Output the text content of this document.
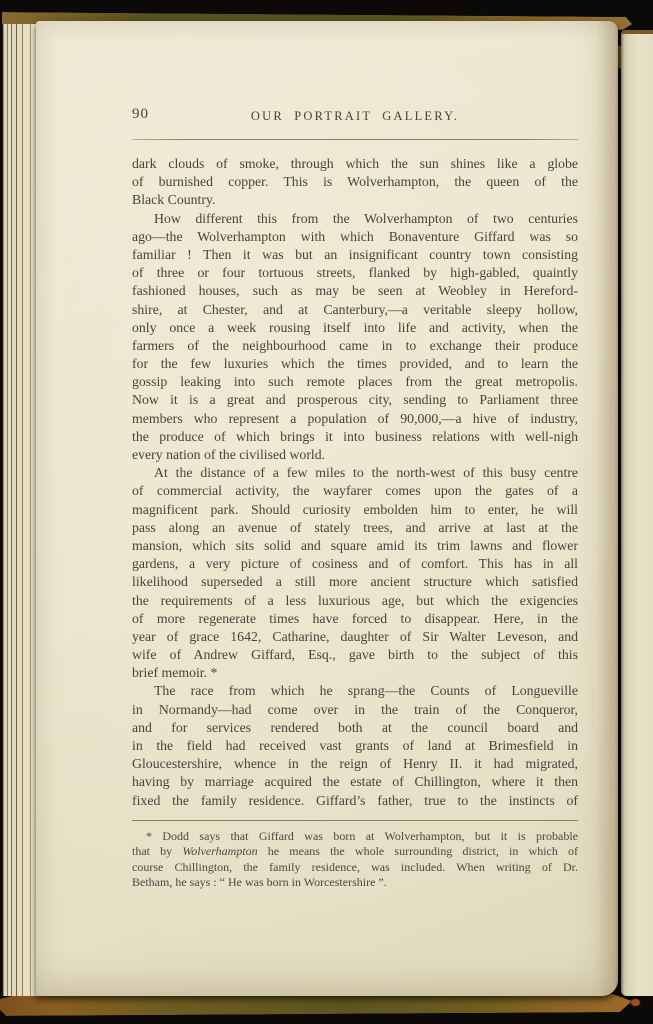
90	OUR PORTRAIT GALLERY.
dark clouds of smoke, through which the sun shines like a globe
of burnished copper. This is Wolverhampton, the queen of the
Black Country.
How different this from the Wolverhampton of two centuries
ago—the Wolverhampton with which Bonaventure Giffard was so
familiar ! Then it was but an insignificant country town consisting
of three or four tortuous streets, flanked by high-gabled, quaintly
fashioned houses, such as may be seen at Weobley in Hereford-
shire, at Chester, and at Canterbury,—a veritable sleepy hollow,
only once a week rousing itself into life and activity, when the
farmers of the neighbourhood came in to exchange their produce
for the few luxuries which the times provided, and to learn the
gossip leaking into such remote places from the great metropolis.
Now it is a great and prosperous city, sending to Parliament three
members who represent a population of 90,000,—a hive of industry,
the produce of which brings it into business relations with well-nigh
every nation of the civilised world.
At the distance of a few miles to the north-west of this busy centre
of commercial activity, the wayfarer comes upon the gates of a
magnificent park. Should curiosity embolden him to enter, he will
pass along an avenue of stately trees, and arrive at last at the
mansion, which sits solid and square amid its trim lawns and flower
gardens, a very picture of cosiness and of comfort. This has in all
likelihood superseded a still more ancient structure which satisfied
the requirements of a less luxurious age, but which the exigencies
of more regenerate times have forced to disappear. Here, in the
year of grace 1642, Catharine, daughter of Sir Walter Leveson, and
wife of Andrew Giffard, Esq., gave birth to the subject of this
brief memoir. *
The race from which he sprang—the Counts of Longueville
in Normandy—had come over in the train of the Conqueror,
and for services rendered both at the council board and
in the field had received vast grants of land at Brimesfield in
Gloucestershire, whence in the reign of Henry II. it had migrated,
having by marriage acquired the estate of Chillington, where it then
fixed the family residence. Giffard’s father, true to the instincts of
* Dodd says that Giffard was born at Wolverhampton, but it is probable
that by Wolverhampton he means the whole surrounding district, in which of
course Chillington, the family residence, was included. When writing of Dr.
Betham, he says : “ He was born in Worcestershire ”.
